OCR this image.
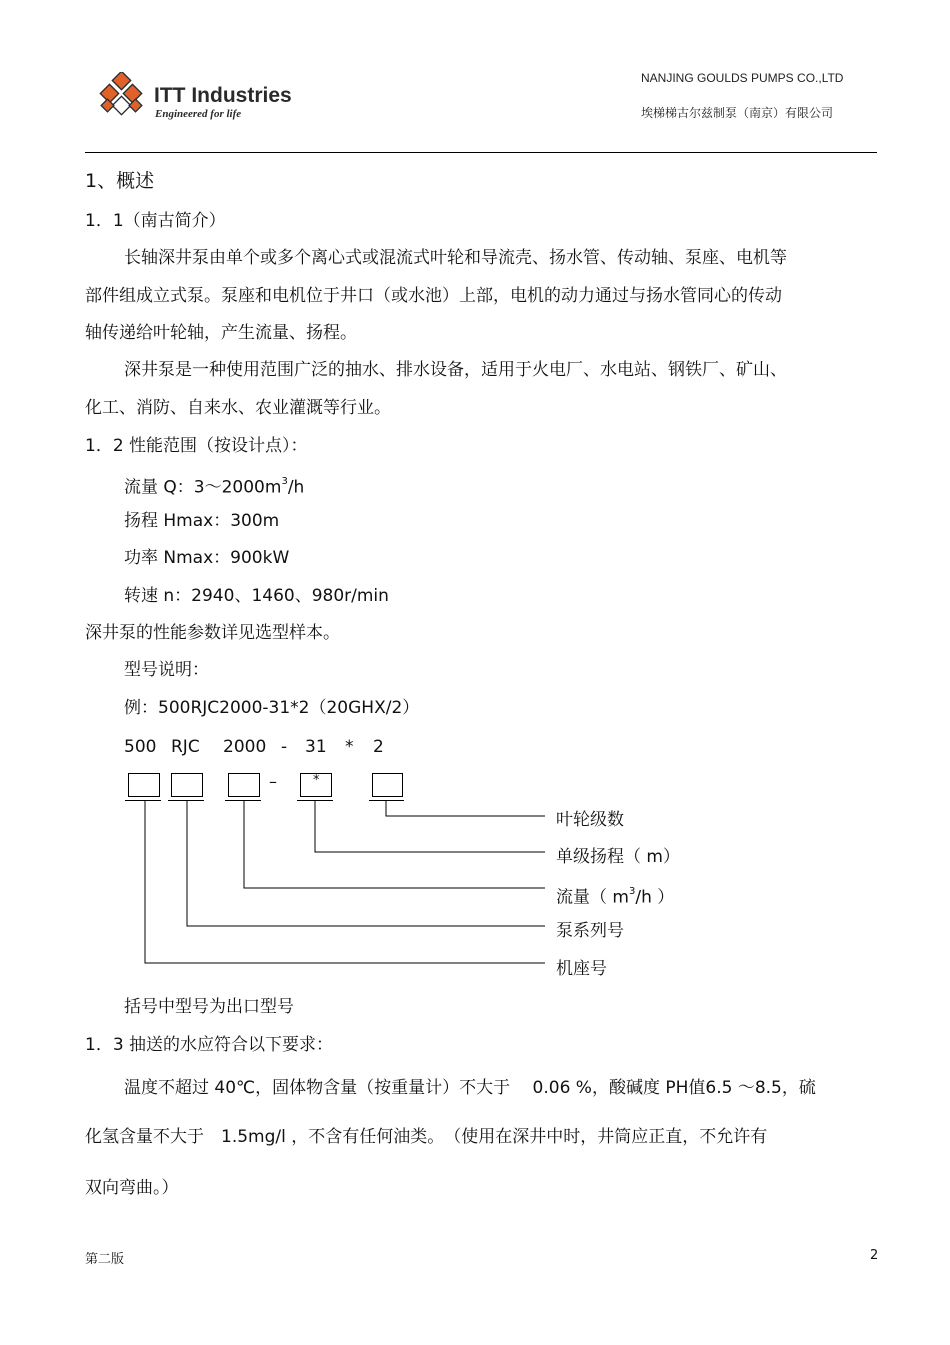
ITT Industries
Engineered for life
NANJING GOULDS PUMPS CO.,LTD
埃梯梯古尔兹制泵（南京）有限公司
1、概述
1．1（南古简介）
长轴深井泵由单个或多个离心式或混流式叶轮和导流壳、扬水管、传动轴、泵座、电机等
部件组成立式泵。泵座和电机位于井口（或水池）上部，电机的动力通过与扬水管同心的传动
轴传递给叶轮轴，产生流量、扬程。
深井泵是一种使用范围广泛的抽水、排水设备，适用于火电厂、水电站、钢铁厂、矿山、
化工、消防、自来水、农业灌溉等行业。
1．2 性能范围（按设计点）：
流量 Q：$3\sim 2000m^3/h$
扬程 Hmax：300m
功率 Nmax：900kW
转速 n：2940、1460、980r/min
深井泵的性能参数详见选型样本。
型号说明：
例：500RJC2000-31*2（20GHX/2）
500 RJC 2000 - 31 * 2
–	*
叶轮级数
单级扬程（ m）
流量（ $m^3/h$ ）
泵系列号
机座号
括号中型号为出口型号
1．3 抽送的水应符合以下要求：
温度不超过 40℃，固体物含量（按重量计）不大于　 0.06 %，酸碱度 PH值6.5 ～8.5，硫
化氢含量不大于　1.5mg/l ，不含有任何油类。　（使用在深井中时，井筒应正直，不允许有
双向弯曲。）
第二版	2
